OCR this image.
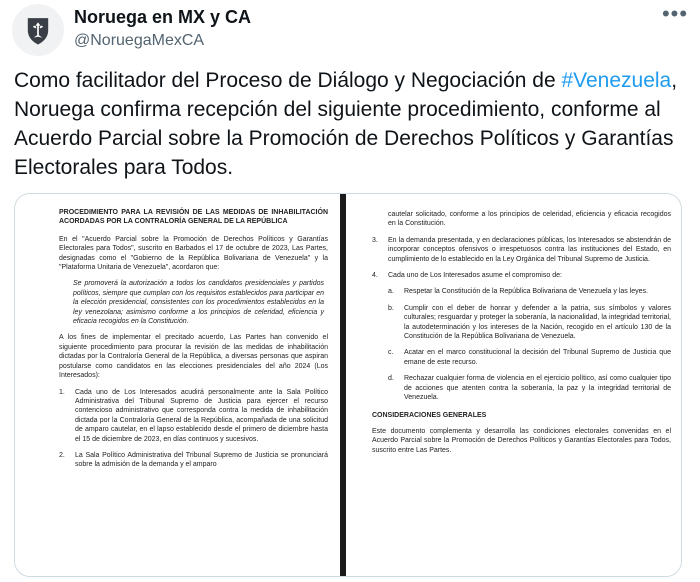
Noruega en MX y CA
@NoruegaMexCA
•••
Como facilitador del Proceso de Diálogo y Negociación de #Venezuela, Noruega confirma recepción del siguiente procedimiento, conforme al Acuerdo Parcial sobre la Promoción de Derechos Políticos y Garantías Electorales para Todos.
PROCEDIMIENTO PARA LA REVISIÓN DE LAS MEDIDAS DE INHABILITACIÓN ACORDADAS POR LA CONTRALORÍA GENERAL DE LA REPÚBLICA

En el "Acuerdo Parcial sobre la Promoción de Derechos Políticos y Garantías Electorales para Todos", suscrito en Barbados el 17 de octubre de 2023, Las Partes, designadas como el "Gobierno de la República Bolivariana de Venezuela" y la "Plataforma Unitaria de Venezuela", acordaron que:

Se promoverá la autorización a todos los candidatos presidenciales y partidos políticos, siempre que cumplan con los requisitos establecidos para participar en la elección presidencial, consistentes con los procedimientos establecidos en la ley venezolana; asimismo conforme a los principios de celeridad, eficiencia y eficacia recogidos en la Constitución.

A los fines de implementar el precitado acuerdo, Las Partes han convenido el siguiente procedimiento para procurar la revisión de las medidas de inhabilitación dictadas por la Contraloría General de la República, a diversas personas que aspiran postularse como candidatos en las elecciones presidenciales del año 2024 (Los Interesados):

1.	Cada uno de Los Interesados acudirá personalmente ante la Sala Político Administrativa del Tribunal Supremo de Justicia para ejercer el recurso contencioso administrativo que corresponda contra la medida de inhabilitación dictada por la Contraloría General de la República, acompañada de una solicitud de amparo cautelar, en el lapso establecido desde el primero de diciembre hasta el 15 de diciembre de 2023, en días continuos y sucesivos.
2.	La Sala Político Administrativa del Tribunal Supremo de Justicia se pronunciará sobre la admisión de la demanda y el amparo

cautelar solicitado, conforme a los principios de celeridad, eficiencia y eficacia recogidos en la Constitución.

3.	En la demanda presentada, y en declaraciones públicas, los Interesados se abstendrán de incorporar conceptos ofensivos o irrespetuosos contra las instituciones del Estado, en cumplimiento de lo establecido en la Ley Orgánica del Tribunal Supremo de Justicia.
4.	Cada uno de Los Interesados asume el compromiso de:
a.	Respetar la Constitución de la República Bolivariana de Venezuela y las leyes.
b.	Cumplir con el deber de honrar y defender a la patria, sus símbolos y valores culturales; resguardar y proteger la soberanía, la nacionalidad, la integridad territorial, la autodeterminación y los intereses de la Nación, recogido en el artículo 130 de la Constitución de la República Bolivariana de Venezuela.
c.	Acatar en el marco constitucional la decisión del Tribunal Supremo de Justicia que emane de este recurso.
d.	Rechazar cualquier forma de violencia en el ejercicio político, así como cualquier tipo de acciones que atenten contra la soberanía, la paz y la integridad territorial de Venezuela.
CONSIDERACIONES GENERALES

Este documento complementa y desarrolla las condiciones electorales convenidas en el Acuerdo Parcial sobre la Promoción de Derechos Políticos y Garantías Electorales para Todos, suscrito entre Las Partes.
